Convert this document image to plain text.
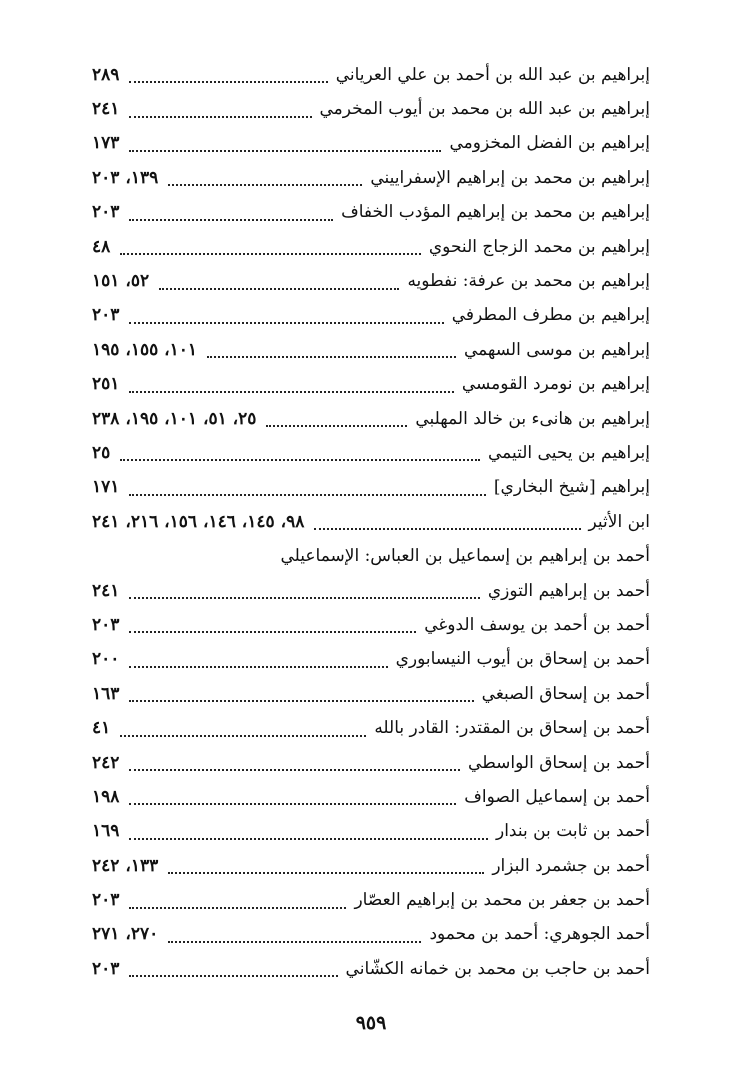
إبراهيم بن عبد الله بن أحمد بن علي العرياني
٢٨٩
إبراهيم بن عبد الله بن محمد بن أيوب المخرمي
٢٤١
إبراهيم بن الفضل المخزومي
١٧٣
إبراهيم بن محمد بن إبراهيم الإسفراييني
١٣٩، ٢٠٣
إبراهيم بن محمد بن إبراهيم المؤدب الخفاف
٢٠٣
إبراهيم بن محمد الزجاج النحوي
٤٨
إبراهيم بن محمد بن عرفة: نفطويه
٥٢، ١٥١
إبراهيم بن مطرف المطرفي
٢٠٣
إبراهيم بن موسى السهمي
١٠١، ١٥٥، ١٩٥
إبراهيم بن نومرد القومسي
٢٥١
إبراهيم بن هانىء بن خالد المهلبي
٢٥، ٥١، ١٠١، ١٩٥، ٢٣٨
إبراهيم بن يحيى التيمي
٢٥
إبراهيم [شيخ البخاري]
١٧١
ابن الأثير
٩٨، ١٤٥، ١٤٦، ١٥٦، ٢١٦، ٢٤١
أحمد بن إبراهيم بن إسماعيل بن العباس: الإسماعيلي
أحمد بن إبراهيم التوزي
٢٤١
أحمد بن أحمد بن يوسف الدوغي
٢٠٣
أحمد بن إسحاق بن أيوب النيسابوري
٢٠٠
أحمد بن إسحاق الصبغي
١٦٣
أحمد بن إسحاق بن المقتدر: القادر بالله
٤١
أحمد بن إسحاق الواسطي
٢٤٢
أحمد بن إسماعيل الصواف
١٩٨
أحمد بن ثابت بن بندار
١٦٩
أحمد بن جشمرد البزار
١٣٣، ٢٤٢
أحمد بن جعفر بن محمد بن إبراهيم العصّار
٢٠٣
أحمد الجوهري: أحمد بن محمود
٢٧٠، ٢٧١
أحمد بن حاجب بن محمد بن خمانه الكشّاني
٢٠٣
٩٥٩
